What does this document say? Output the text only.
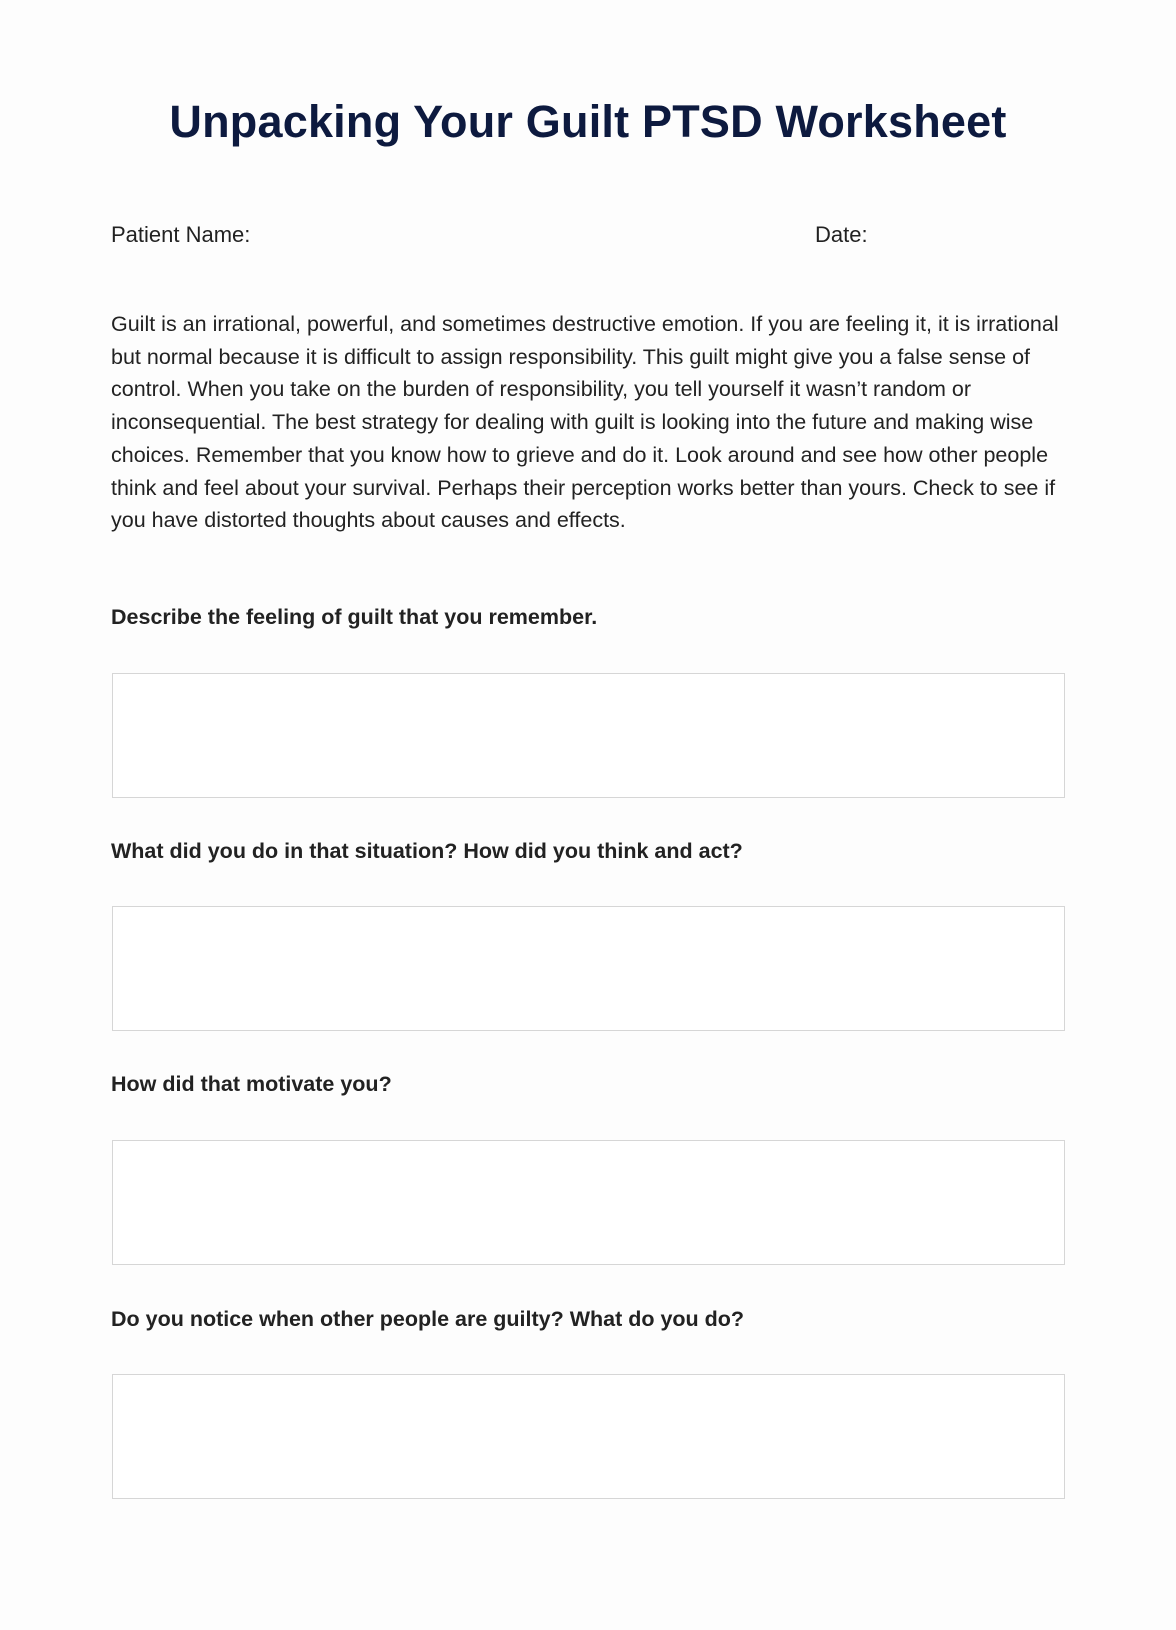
Unpacking Your Guilt PTSD Worksheet
Patient Name:	Date:

Guilt is an irrational, powerful, and sometimes destructive emotion. If you are feeling it, it is irrational but normal because it is difficult to assign responsibility. This guilt might give you a false sense of control. When you take on the burden of responsibility, you tell yourself it wasn’t random or inconsequential. The best strategy for dealing with guilt is looking into the future and making wise choices. Remember that you know how to grieve and do it. Look around and see how other people think and feel about your survival. Perhaps their perception works better than yours. Check to see if you have distorted thoughts about causes and effects.

Describe the feeling of guilt that you remember.

What did you do in that situation? How did you think and act?

How did that motivate you?

Do you notice when other people are guilty? What do you do?
